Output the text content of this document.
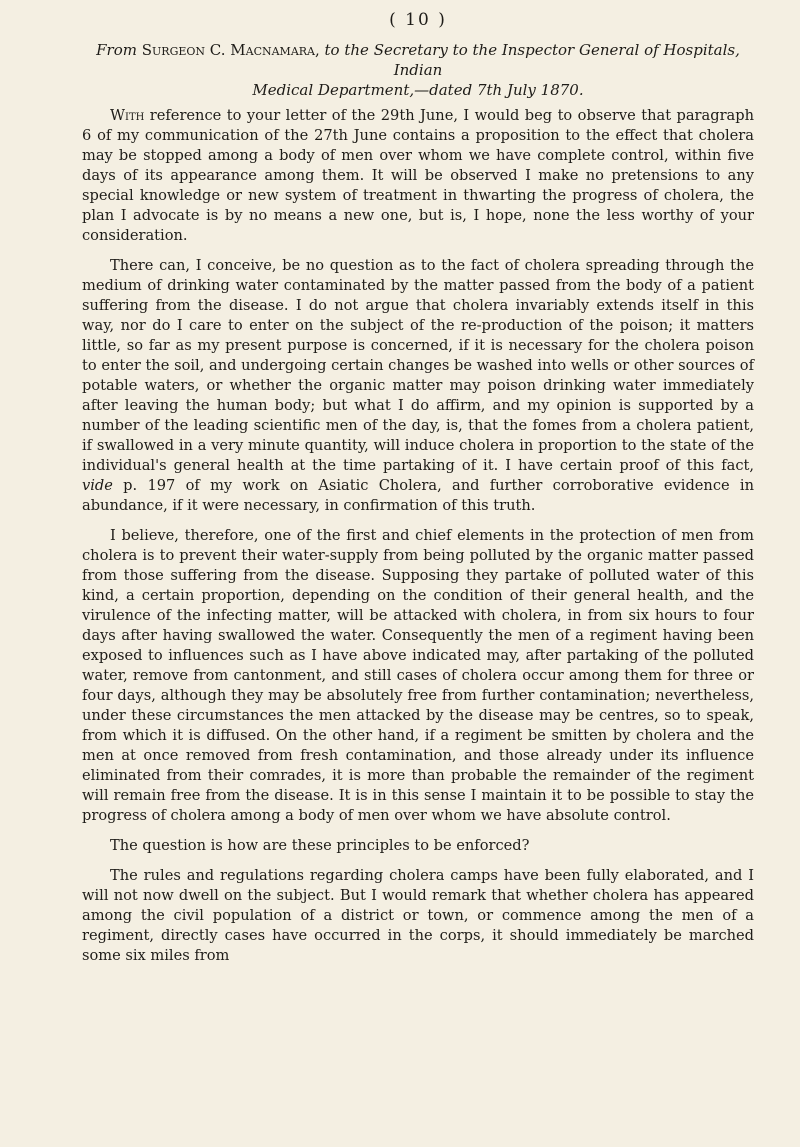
( 10 )
From Surgeon C. Macnamara, to the Secretary to the Inspector General of Hospitals, Indian
Medical Department,—dated 7th July 1870.

With reference to your letter of the 29th June, I would beg to observe that paragraph 6 of my communication of the 27th June contains a proposition to the effect that cholera may be stopped among a body of men over whom we have complete control, within five days of its appearance among them. It will be observed I make no pretensions to any special knowledge or new system of treatment in thwarting the progress of cholera, the plan I advocate is by no means a new one, but is, I hope, none the less worthy of your consideration.

There can, I conceive, be no question as to the fact of cholera spreading through the medium of drinking water contaminated by the matter passed from the body of a patient suffering from the disease. I do not argue that cholera invariably extends itself in this way, nor do I care to enter on the subject of the re-production of the poison; it matters little, so far as my present purpose is concerned, if it is necessary for the cholera poison to enter the soil, and undergoing certain changes be washed into wells or other sources of potable waters, or whether the organic matter may poison drinking water immediately after leaving the human body; but what I do affirm, and my opinion is supported by a number of the leading scientific men of the day, is, that the fomes from a cholera patient, if swallowed in a very minute quantity, will induce cholera in proportion to the state of the individual's general health at the time partaking of it. I have certain proof of this fact, vide p. 197 of my work on Asiatic Cholera, and further corroborative evidence in abundance, if it were necessary, in confirmation of this truth.

I believe, therefore, one of the first and chief elements in the protection of men from cholera is to prevent their water-supply from being polluted by the organic matter passed from those suffering from the disease. Supposing they partake of polluted water of this kind, a certain proportion, depending on the condition of their general health, and the virulence of the infecting matter, will be attacked with cholera, in from six hours to four days after having swallowed the water. Consequently the men of a regiment having been exposed to influences such as I have above indicated may, after partaking of the polluted water, remove from cantonment, and still cases of cholera occur among them for three or four days, although they may be absolutely free from further contamination; nevertheless, under these circumstances the men attacked by the disease may be centres, so to speak, from which it is diffused. On the other hand, if a regiment be smitten by cholera and the men at once removed from fresh contamination, and those already under its influence eliminated from their comrades, it is more than probable the remainder of the regiment will remain free from the disease. It is in this sense I maintain it to be possible to stay the progress of cholera among a body of men over whom we have absolute control.

The question is how are these principles to be enforced?

The rules and regulations regarding cholera camps have been fully elaborated, and I will not now dwell on the subject. But I would remark that whether cholera has appeared among the civil population of a district or town, or commence among the men of a regiment, directly cases have occurred in the corps, it should immediately be marched some six miles from
